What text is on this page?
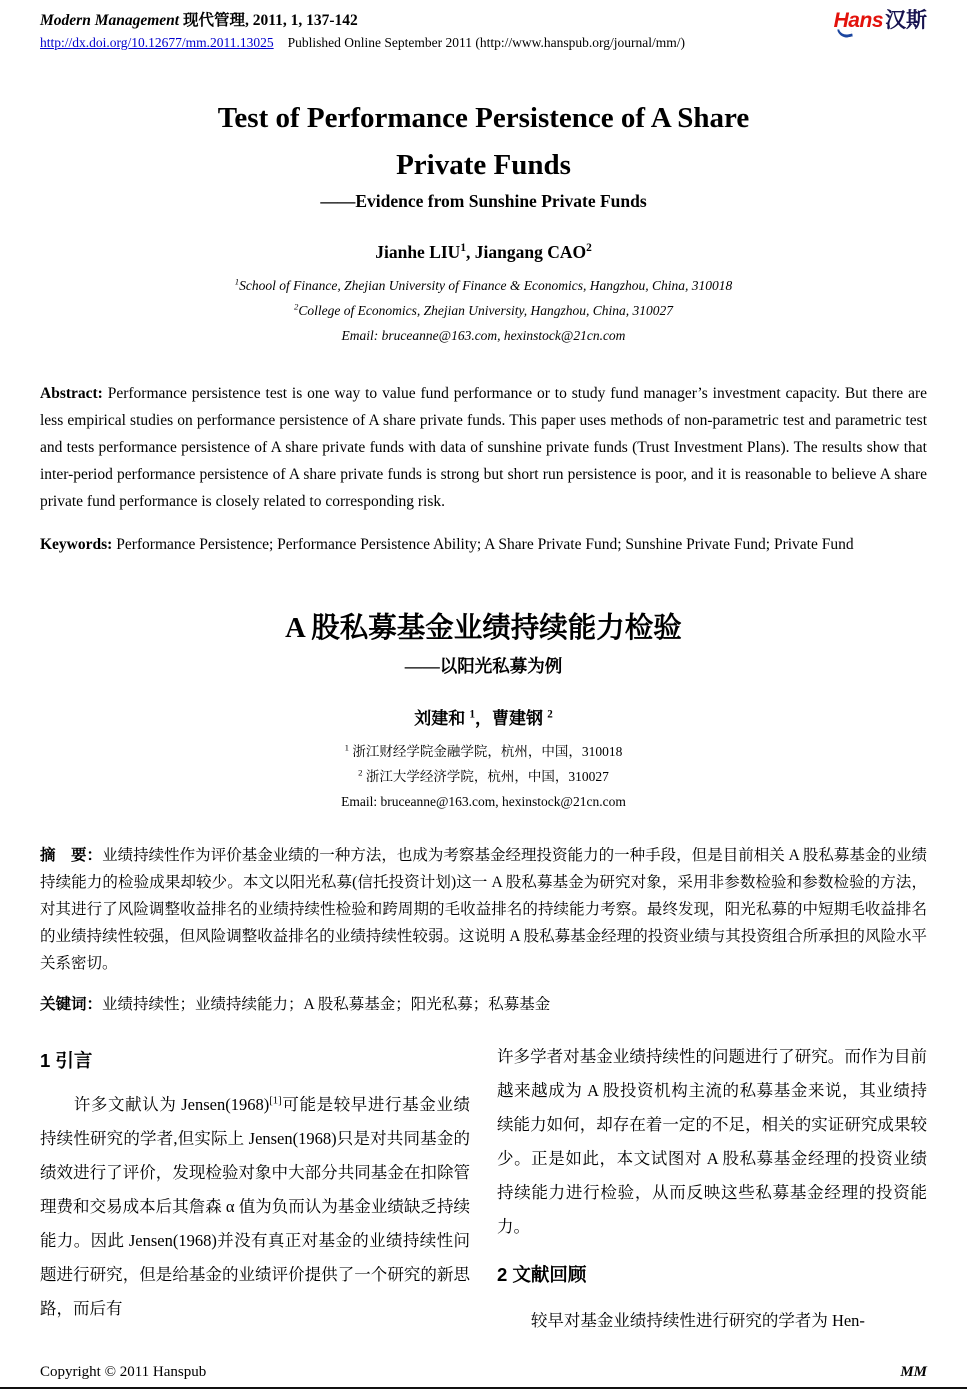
Modern Management 现代管理, 2011, 1, 137-142
http://dx.doi.org/10.12677/mm.2011.13025 Published Online September 2011 (http://www.hanspub.org/journal/mm/)
Hans汉斯
Test of Performance Persistence of A Share
Private Funds
——Evidence from Sunshine Private Funds
Jianhe LIU$^1$, Jiangang CAO$^2$
$^1$School of Finance, Zhejian University of Finance & Economics, Hangzhou, China, 310018
$^2$College of Economics, Zhejian University, Hangzhou, China, 310027
Email: bruceanne@163.com, hexinstock@21cn.com

Abstract: Performance persistence test is one way to value fund performance or to study fund manager’s investment capacity. But there are less empirical studies on performance persistence of A share private funds. This paper uses methods of non-parametric test and parametric test and tests performance persistence of A share private funds with data of sunshine private funds (Trust Investment Plans). The results show that inter-period performance persistence of A share private funds is strong but short run persistence is poor, and it is reasonable to believe A share private fund performance is closely related to corresponding risk.

Keywords: Performance Persistence; Performance Persistence Ability; A Share Private Fund; Sunshine Private Fund; Private Fund

A 股私募基金业绩持续能力检验
——以阳光私募为例
刘建和 $^1$，曹建钢 $^2$
$^1$ 浙江财经学院金融学院，杭州，中国，310018
$^2$ 浙江大学经济学院，杭州，中国，310027
Email: bruceanne@163.com, hexinstock@21cn.com

摘　要：业绩持续性作为评价基金业绩的一种方法，也成为考察基金经理投资能力的一种手段，但是目前相关 A 股私募基金的业绩持续能力的检验成果却较少。本文以阳光私募(信托投资计划)这一 A 股私募基金为研究对象，采用非参数检验和参数检验的方法，对其进行了风险调整收益排名的业绩持续性检验和跨周期的毛收益排名的持续能力考察。最终发现，阳光私募的中短期毛收益排名的业绩持续性较强，但风险调整收益排名的业绩持续性较弱。这说明 A 股私募基金经理的投资业绩与其投资组合所承担的风险水平关系密切。

关键词：业绩持续性；业绩持续能力；A 股私募基金；阳光私募；私募基金

1 引言

许多文献认为 Jensen(1968)[1]可能是较早进行基金业绩持续性研究的学者,但实际上 Jensen(1968)只是对共同基金的绩效进行了评价，发现检验对象中大部分共同基金在扣除管理费和交易成本后其詹森 α 值为负而认为基金业绩缺乏持续能力。因此 Jensen(1968)并没有真正对基金的业绩持续性问题进行研究，但是给基金的业绩评价提供了一个研究的新思路，而后有

许多学者对基金业绩持续性的问题进行了研究。而作为目前越来越成为 A 股投资机构主流的私募基金来说，其业绩持续能力如何，却存在着一定的不足，相关的实证研究成果较少。正是如此，本文试图对 A 股私募基金经理的投资业绩持续能力进行检验，从而反映这些私募基金经理的投资能力。

2 文献回顾

较早对基金业绩持续性进行研究的学者为 Hen-

Copyright © 2011 Hanspub	MM
